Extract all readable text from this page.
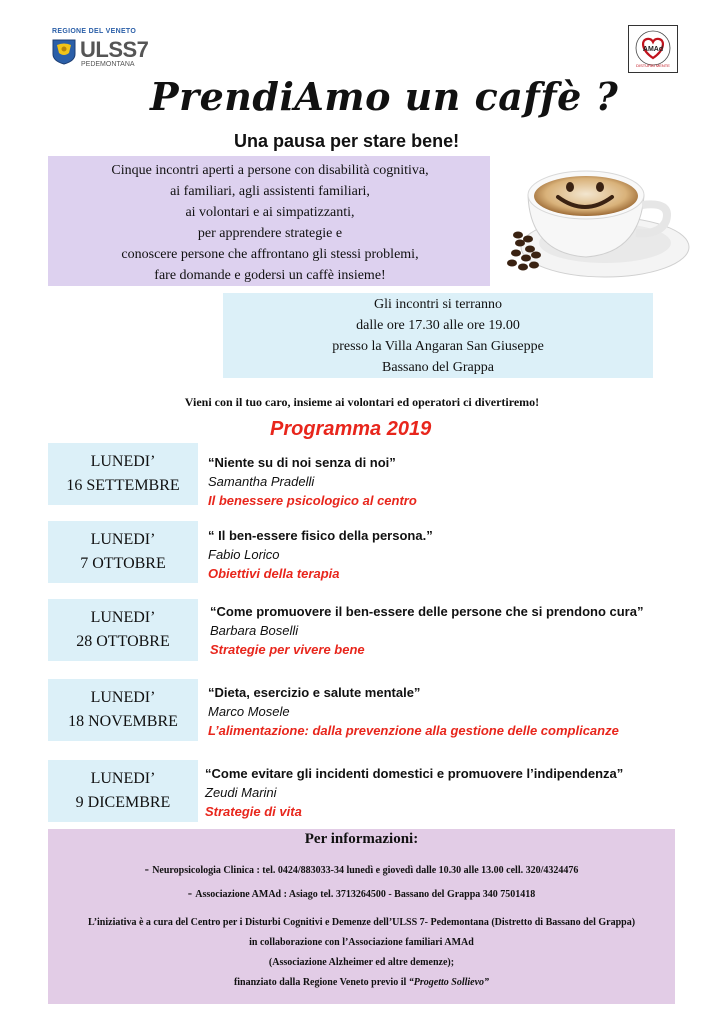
REGIONE DEL VENETO
ULSS7
PEDEMONTANA
AMAd
DISTURBI MENTE
PrendiAmo un caffè ?
Una pausa per stare bene!
Cinque incontri aperti a persone con disabilità cognitiva,
ai familiari, agli assistenti familiari,
ai volontari e ai simpatizzanti,
per apprendere strategie e
conoscere persone che affrontano gli stessi problemi,
fare domande e godersi un caffè insieme!
Gli incontri si terranno
dalle ore 17.30 alle ore 19.00
presso la Villa Angaran San Giuseppe
Bassano del Grappa
Vieni con il tuo caro, insieme ai volontari ed operatori ci divertiremo!
Programma 2019
LUNEDI’
16 SETTEMBRE
“Niente su di noi senza di noi”
Samantha Pradelli
Il benessere psicologico al centro
LUNEDI’
7 OTTOBRE
“ Il ben-essere fisico della persona.”
Fabio Lorico
Obiettivi della terapia
LUNEDI’
28 OTTOBRE
“Come promuovere il ben-essere delle persone che si prendono cura”
Barbara Boselli
Strategie per vivere bene
LUNEDI’
18 NOVEMBRE
“Dieta, esercizio e salute mentale”
Marco Mosele
L’alimentazione: dalla prevenzione alla gestione delle complicanze
LUNEDI’
9 DICEMBRE
“Come evitare gli incidenti domestici e promuovere l’indipendenza”
Zeudi Marini
Strategie di vita
Per informazioni:
- Neuropsicologia Clinica : tel. 0424/883033-34 lunedì e giovedì dalle 10.30 alle 13.00 cell. 320/4324476
- Associazione AMAd : Asiago tel. 3713264500 - Bassano del Grappa 340 7501418
L’iniziativa è a cura del Centro per i Disturbi Cognitivi e Demenze dell’ULSS 7- Pedemontana (Distretto di Bassano del Grappa)
in collaborazione con l’Associazione familiari AMAd
(Associazione Alzheimer ed altre demenze);
finanziato dalla Regione Veneto previo il “Progetto Sollievo”
